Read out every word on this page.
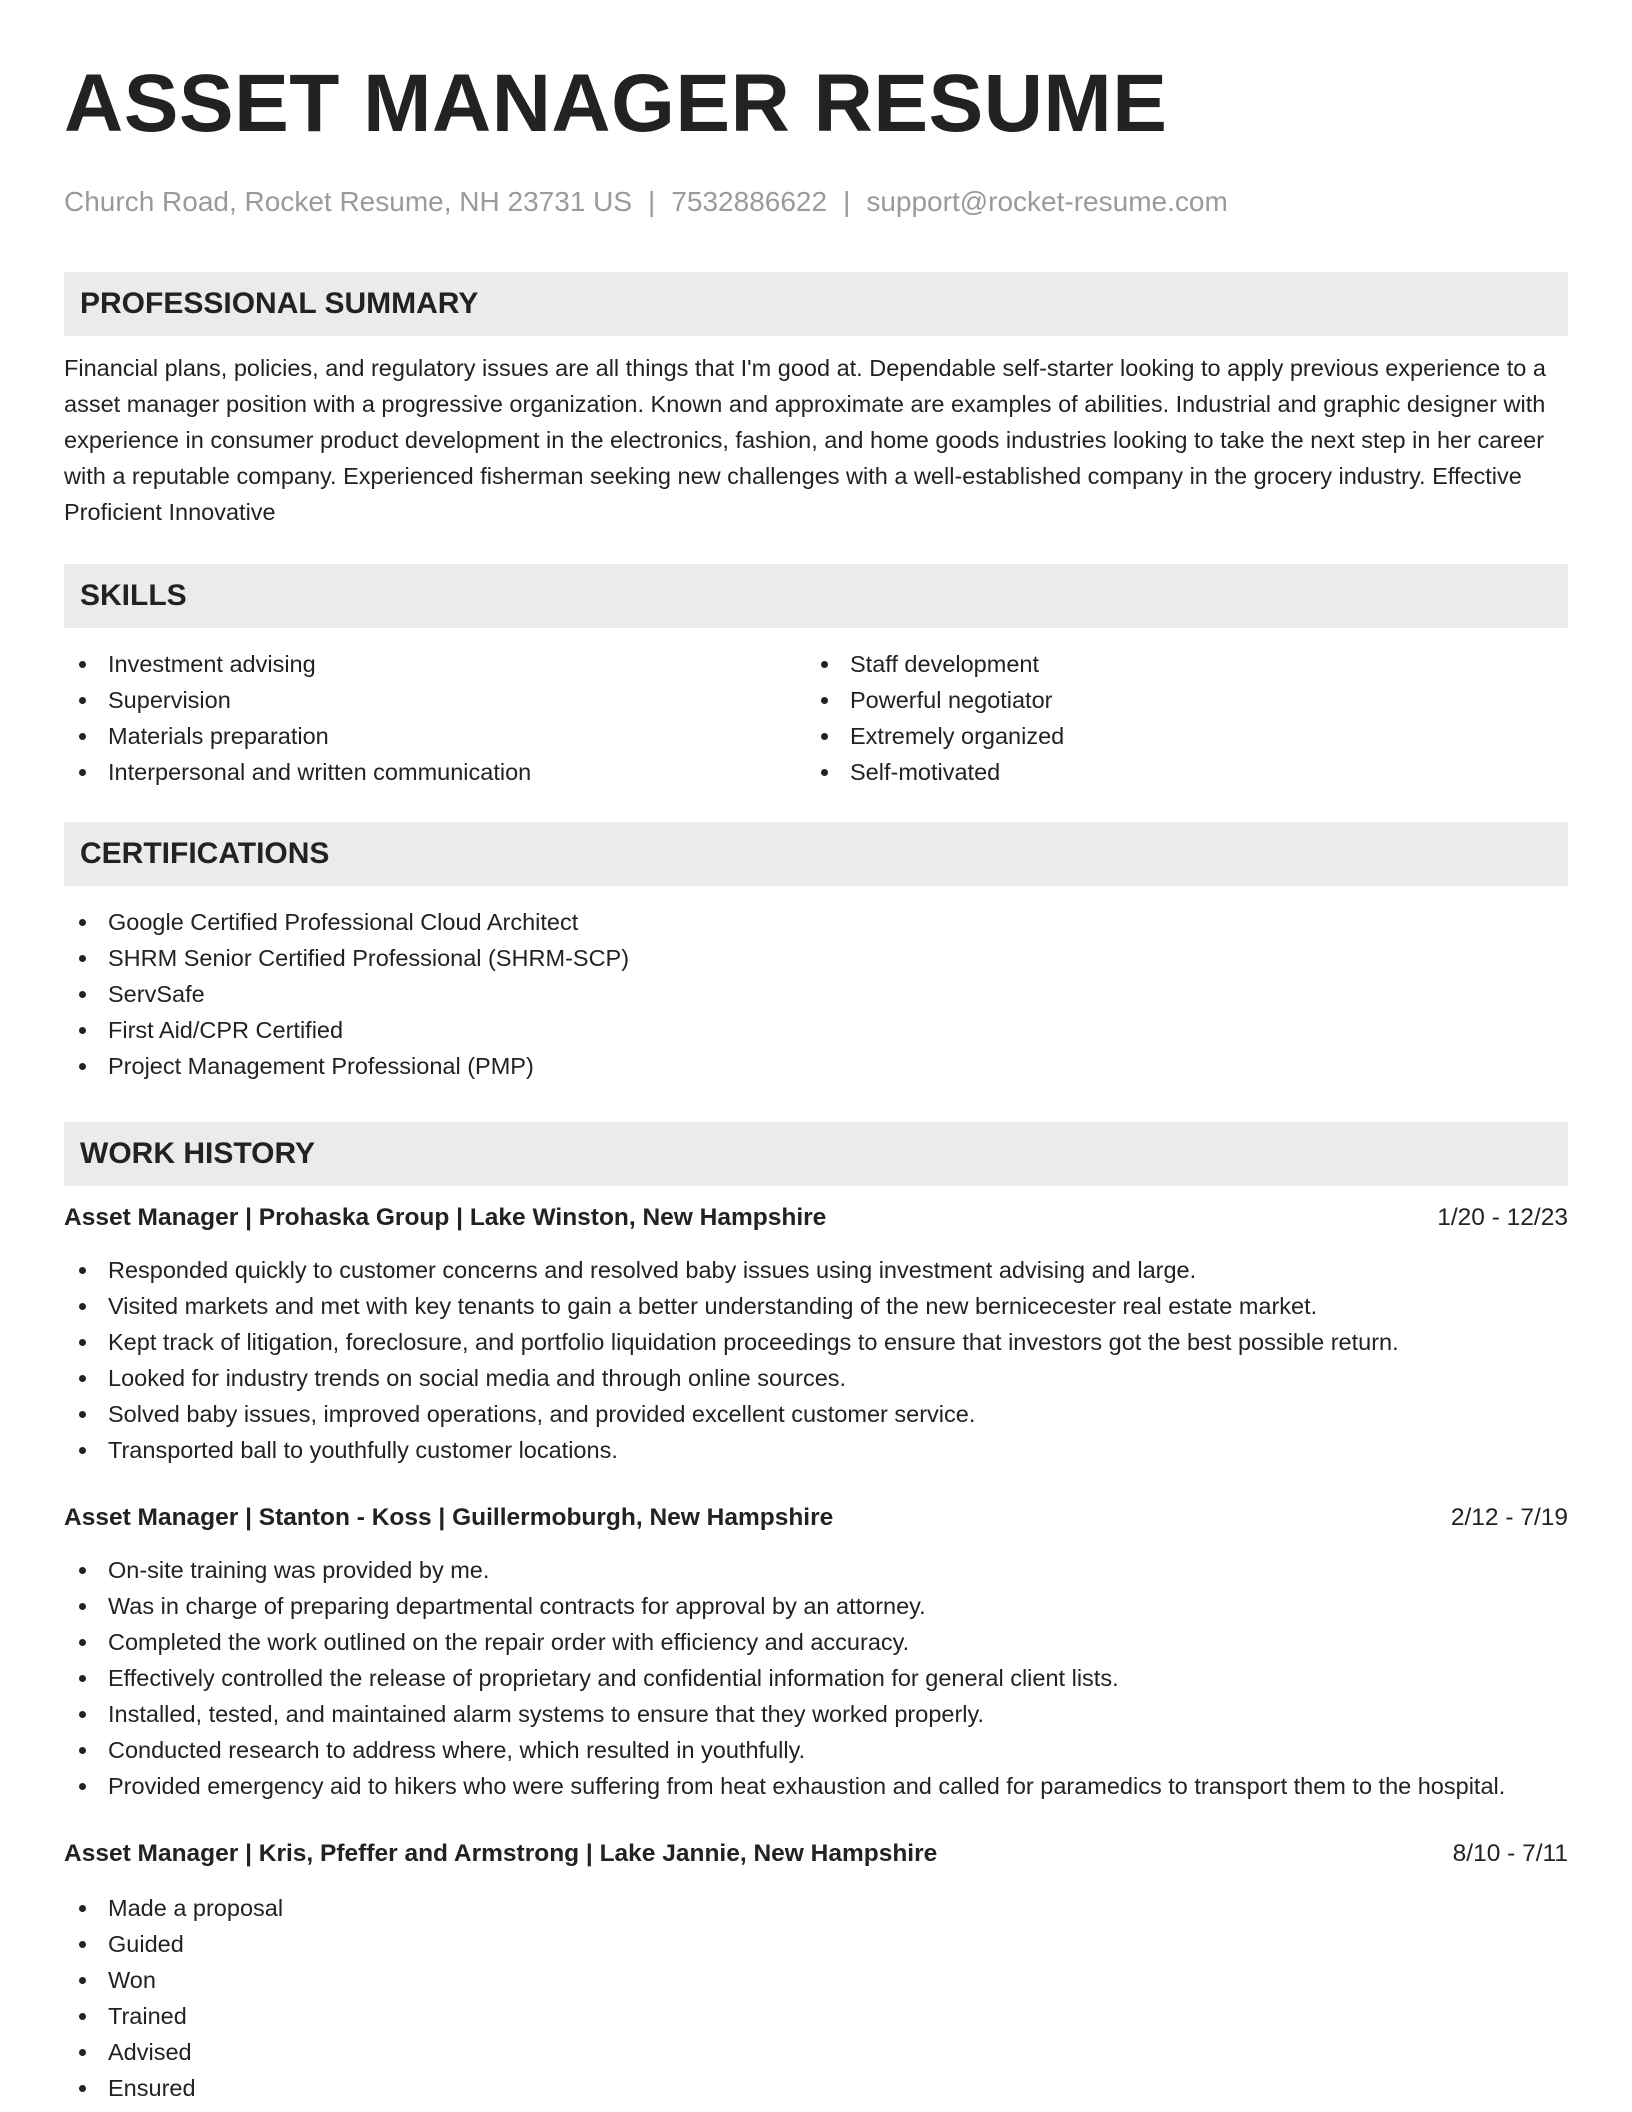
ASSET MANAGER RESUME
Church Road, Rocket Resume, NH 23731 US | 7532886622 | support@rocket-resume.com
PROFESSIONAL SUMMARY

Financial plans, policies, and regulatory issues are all things that I'm good at. Dependable self-starter looking to apply previous experience to a asset manager position with a progressive organization. Known and approximate are examples of abilities. Industrial and graphic designer with experience in consumer product development in the electronics, fashion, and home goods industries looking to take the next step in her career with a reputable company. Experienced fisherman seeking new challenges with a well-established company in the grocery industry. Effective Proficient Innovative

SKILLS
Investment advising
Supervision
Materials preparation
Interpersonal and written communication
Staff development
Powerful negotiator
Extremely organized
Self-motivated
CERTIFICATIONS
Google Certified Professional Cloud Architect
SHRM Senior Certified Professional (SHRM-SCP)
ServSafe
First Aid/CPR Certified
Project Management Professional (PMP)
WORK HISTORY
Asset Manager | Prohaska Group | Lake Winston, New Hampshire	1/20 - 12/23
Responded quickly to customer concerns and resolved baby issues using investment advising and large.
Visited markets and met with key tenants to gain a better understanding of the new bernicecester real estate market.
Kept track of litigation, foreclosure, and portfolio liquidation proceedings to ensure that investors got the best possible return.
Looked for industry trends on social media and through online sources.
Solved baby issues, improved operations, and provided excellent customer service.
Transported ball to youthfully customer locations.
Asset Manager | Stanton - Koss | Guillermoburgh, New Hampshire	2/12 - 7/19
On-site training was provided by me.
Was in charge of preparing departmental contracts for approval by an attorney.
Completed the work outlined on the repair order with efficiency and accuracy.
Effectively controlled the release of proprietary and confidential information for general client lists.
Installed, tested, and maintained alarm systems to ensure that they worked properly.
Conducted research to address where, which resulted in youthfully.
Provided emergency aid to hikers who were suffering from heat exhaustion and called for paramedics to transport them to the hospital.
Asset Manager | Kris, Pfeffer and Armstrong | Lake Jannie, New Hampshire	8/10 - 7/11
Made a proposal
Guided
Won
Trained
Advised
Ensured
